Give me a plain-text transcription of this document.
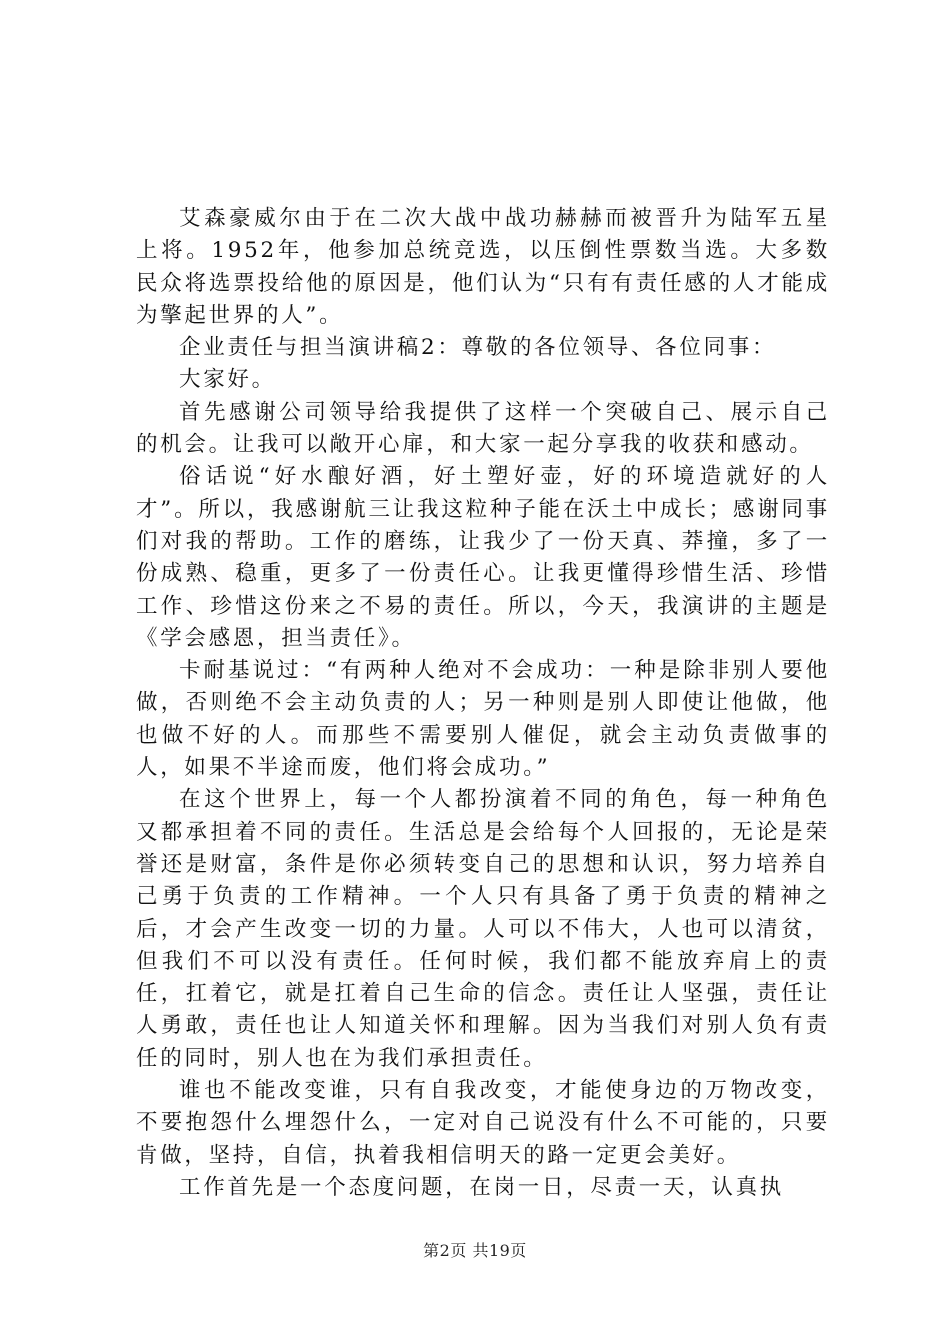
艾森豪威尔由于在二次大战中战功赫赫而被晋升为陆军五星上将。1952年，他参加总统竞选，以压倒性票数当选。大多数民众将选票投给他的原因是，他们认为“只有有责任感的人才能成为擎起世界的人”。

企业责任与担当演讲稿2：尊敬的各位领导、各位同事：

大家好。

首先感谢公司领导给我提供了这样一个突破自己、展示自己的机会。让我可以敞开心扉，和大家一起分享我的收获和感动。

俗话说“好水酿好酒，好土塑好壶，好的环境造就好的人才”。所以，我感谢航三让我这粒种子能在沃土中成长；感谢同事们对我的帮助。工作的磨练，让我少了一份天真、莽撞，多了一份成熟、稳重，更多了一份责任心。让我更懂得珍惜生活、珍惜工作、珍惜这份来之不易的责任。所以，今天，我演讲的主题是《学会感恩，担当责任》。

卡耐基说过：“有两种人绝对不会成功：一种是除非别人要他做，否则绝不会主动负责的人；另一种则是别人即使让他做，他也做不好的人。而那些不需要别人催促，就会主动负责做事的人，如果不半途而废，他们将会成功。”

在这个世界上，每一个人都扮演着不同的角色，每一种角色又都承担着不同的责任。生活总是会给每个人回报的，无论是荣誉还是财富，条件是你必须转变自己的思想和认识，努力培养自己勇于负责的工作精神。一个人只有具备了勇于负责的精神之后，才会产生改变一切的力量。人可以不伟大，人也可以清贫，但我们不可以没有责任。任何时候，我们都不能放弃肩上的责任，扛着它，就是扛着自己生命的信念。责任让人坚强，责任让人勇敢，责任也让人知道关怀和理解。因为当我们对别人负有责任的同时，别人也在为我们承担责任。

谁也不能改变谁，只有自我改变，才能使身边的万物改变，不要抱怨什么埋怨什么，一定对自己说没有什么不可能的，只要肯做，坚持，自信，执着我相信明天的路一定更会美好。

工作首先是一个态度问题，在岗一日，尽责一天，认真执

第2页 共19页
